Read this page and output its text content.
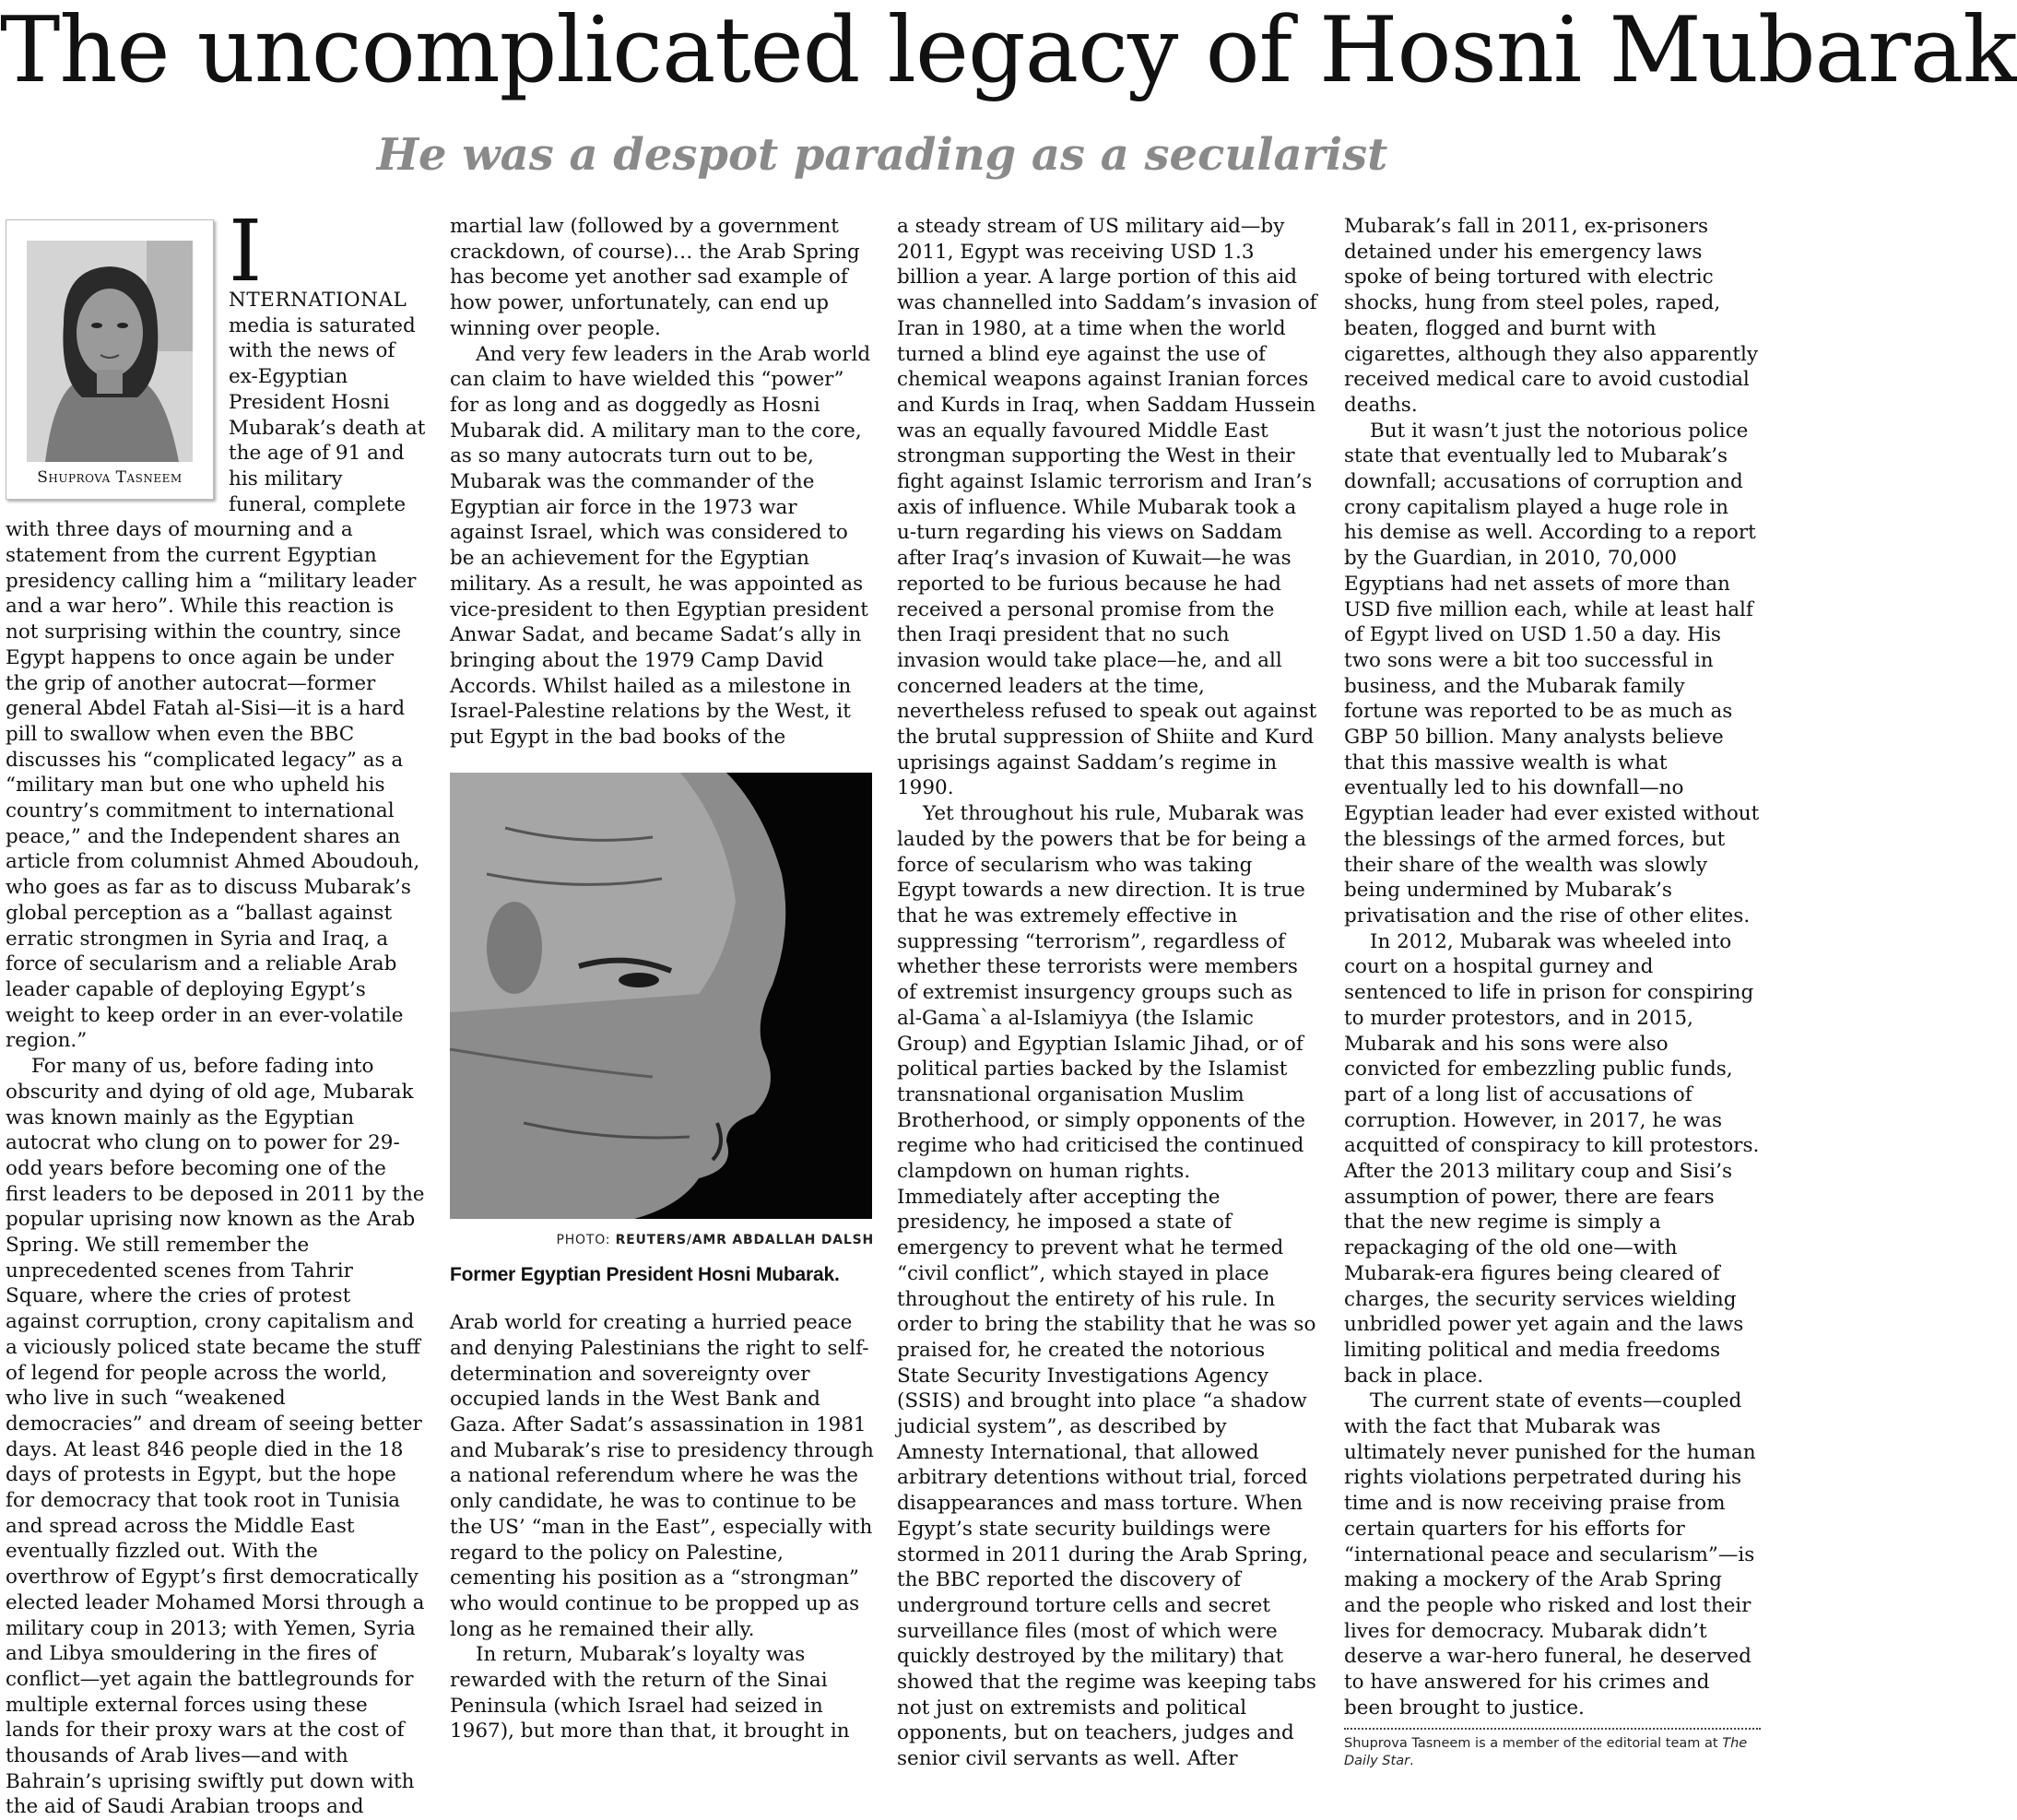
The uncomplicated legacy of Hosni Mubarak
He was a despot parading as a secularist
Shuprova Tasneem

I
NTERNATIONAL media is saturated with the news of ex-Egyptian President Hosni Mubarak’s death at the age of 91 and his military funeral, complete with three days of mourning and a statement from the current Egyptian presidency calling him a “military leader and a war hero”. While this reaction is not surprising within the country, since Egypt happens to once again be under the grip of another autocrat—former general Abdel Fatah al-Sisi—it is a hard pill to swallow when even the BBC discusses his “complicated legacy” as a “military man but one who upheld his country’s commitment to international peace,” and the Independent shares an article from columnist Ahmed Aboudouh, who goes as far as to discuss Mubarak’s global perception as a “ballast against erratic strongmen in Syria and Iraq, a force of secularism and a reliable Arab leader capable of deploying Egypt’s weight to keep order in an ever-volatile region.”

For many of us, before fading into obscurity and dying of old age, Mubarak was known mainly as the Egyptian autocrat who clung on to power for 29-odd years before becoming one of the first leaders to be deposed in 2011 by the popular uprising now known as the Arab Spring. We still remember the unprecedented scenes from Tahrir Square, where the cries of protest against corruption, crony capitalism and a viciously policed state became the stuff of legend for people across the world, who live in such “weakened democracies” and dream of seeing better days. At least 846 people died in the 18 days of protests in Egypt, but the hope for democracy that took root in Tunisia and spread across the Middle East eventually fizzled out. With the overthrow of Egypt’s first democratically elected leader Mohamed Morsi through a military coup in 2013; with Yemen, Syria and Libya smouldering in the fires of conflict—yet again the battlegrounds for multiple external forces using these lands for their proxy wars at the cost of thousands of Arab lives—and with Bahrain’s uprising swiftly put down with the aid of Saudi Arabian troops and

martial law (followed by a government crackdown, of course)… the Arab Spring has become yet another sad example of how power, unfortunately, can end up winning over people.

And very few leaders in the Arab world can claim to have wielded this “power” for as long and as doggedly as Hosni Mubarak did. A military man to the core, as so many autocrats turn out to be, Mubarak was the commander of the Egyptian air force in the 1973 war against Israel, which was considered to be an achievement for the Egyptian military. As a result, he was appointed as vice-president to then Egyptian president Anwar Sadat, and became Sadat’s ally in bringing about the 1979 Camp David Accords. Whilst hailed as a milestone in Israel-Palestine relations by the West, it put Egypt in the bad books of the

PHOTO: REUTERS/AMR ABDALLAH DALSH
Former Egyptian President Hosni Mubarak.

Arab world for creating a hurried peace and denying Palestinians the right to self-determination and sovereignty over occupied lands in the West Bank and Gaza. After Sadat’s assassination in 1981 and Mubarak’s rise to presidency through a national referendum where he was the only candidate, he was to continue to be the US’ “man in the East”, especially with regard to the policy on Palestine, cementing his position as a “strongman” who would continue to be propped up as long as he remained their ally.

In return, Mubarak’s loyalty was rewarded with the return of the Sinai Peninsula (which Israel had seized in 1967), but more than that, it brought in

a steady stream of US military aid—by 2011, Egypt was receiving USD 1.3 billion a year. A large portion of this aid was channelled into Saddam’s invasion of Iran in 1980, at a time when the world turned a blind eye against the use of chemical weapons against Iranian forces and Kurds in Iraq, when Saddam Hussein was an equally favoured Middle East strongman supporting the West in their fight against Islamic terrorism and Iran’s axis of influence. While Mubarak took a u-turn regarding his views on Saddam after Iraq’s invasion of Kuwait—he was reported to be furious because he had received a personal promise from the then Iraqi president that no such invasion would take place—he, and all concerned leaders at the time, nevertheless refused to speak out against the brutal suppression of Shiite and Kurd uprisings against Saddam’s regime in 1990.

Yet throughout his rule, Mubarak was lauded by the powers that be for being a force of secularism who was taking Egypt towards a new direction. It is true that he was extremely effective in suppressing “terrorism”, regardless of whether these terrorists were members of extremist insurgency groups such as al-Gama`a al-Islamiyya (the Islamic Group) and Egyptian Islamic Jihad, or of political parties backed by the Islamist transnational organisation Muslim Brotherhood, or simply opponents of the regime who had criticised the continued clampdown on human rights. Immediately after accepting the presidency, he imposed a state of emergency to prevent what he termed “civil conflict”, which stayed in place throughout the entirety of his rule. In order to bring the stability that he was so praised for, he created the notorious State Security Investigations Agency (SSIS) and brought into place “a shadow judicial system”, as described by Amnesty International, that allowed arbitrary detentions without trial, forced disappearances and mass torture. When Egypt’s state security buildings were stormed in 2011 during the Arab Spring, the BBC reported the discovery of underground torture cells and secret surveillance files (most of which were quickly destroyed by the military) that showed that the regime was keeping tabs not just on extremists and political opponents, but on teachers, judges and senior civil servants as well. After

Mubarak’s fall in 2011, ex-prisoners detained under his emergency laws spoke of being tortured with electric shocks, hung from steel poles, raped, beaten, flogged and burnt with cigarettes, although they also apparently received medical care to avoid custodial deaths.

But it wasn’t just the notorious police state that eventually led to Mubarak’s downfall; accusations of corruption and crony capitalism played a huge role in his demise as well. According to a report by the Guardian, in 2010, 70,000 Egyptians had net assets of more than USD five million each, while at least half of Egypt lived on USD 1.50 a day. His two sons were a bit too successful in business, and the Mubarak family fortune was reported to be as much as GBP 50 billion. Many analysts believe that this massive wealth is what eventually led to his downfall—no Egyptian leader had ever existed without the blessings of the armed forces, but their share of the wealth was slowly being undermined by Mubarak’s privatisation and the rise of other elites.

In 2012, Mubarak was wheeled into court on a hospital gurney and sentenced to life in prison for conspiring to murder protestors, and in 2015, Mubarak and his sons were also convicted for embezzling public funds, part of a long list of accusations of corruption. However, in 2017, he was acquitted of conspiracy to kill protestors. After the 2013 military coup and Sisi’s assumption of power, there are fears that the new regime is simply a repackaging of the old one—with Mubarak-era figures being cleared of charges, the security services wielding unbridled power yet again and the laws limiting political and media freedoms back in place.

The current state of events—coupled with the fact that Mubarak was ultimately never punished for the human rights violations perpetrated during his time and is now receiving praise from certain quarters for his efforts for “international peace and secularism”—is making a mockery of the Arab Spring and the people who risked and lost their lives for democracy. Mubarak didn’t deserve a war-hero funeral, he deserved to have answered for his crimes and been brought to justice.

Shuprova Tasneem is a member of the editorial team at The Daily Star.
